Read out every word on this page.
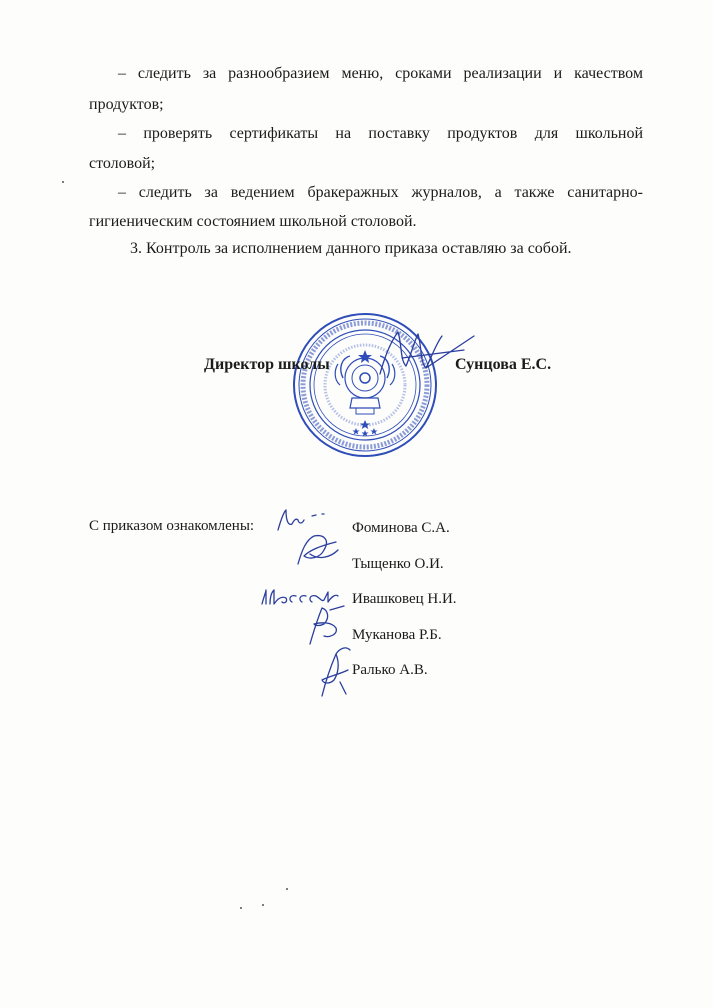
– следить за разнообразием меню, сроками реализации и качеством
продуктов;
– проверять сертификаты на поставку продуктов для школьной
столовой;
– следить за ведением бракеражных журналов, а также санитарно-
гигиеническим состоянием школьной столовой.
3. Контроль за исполнением данного приказа оставляю за собой.
Директор школы	Сунцова Е.С.
С приказом ознакомлены:	Фоминова С.А.
Тыщенко О.И.
Ивашковец Н.И.
Муканова Р.Б.
Ралько А.В.
